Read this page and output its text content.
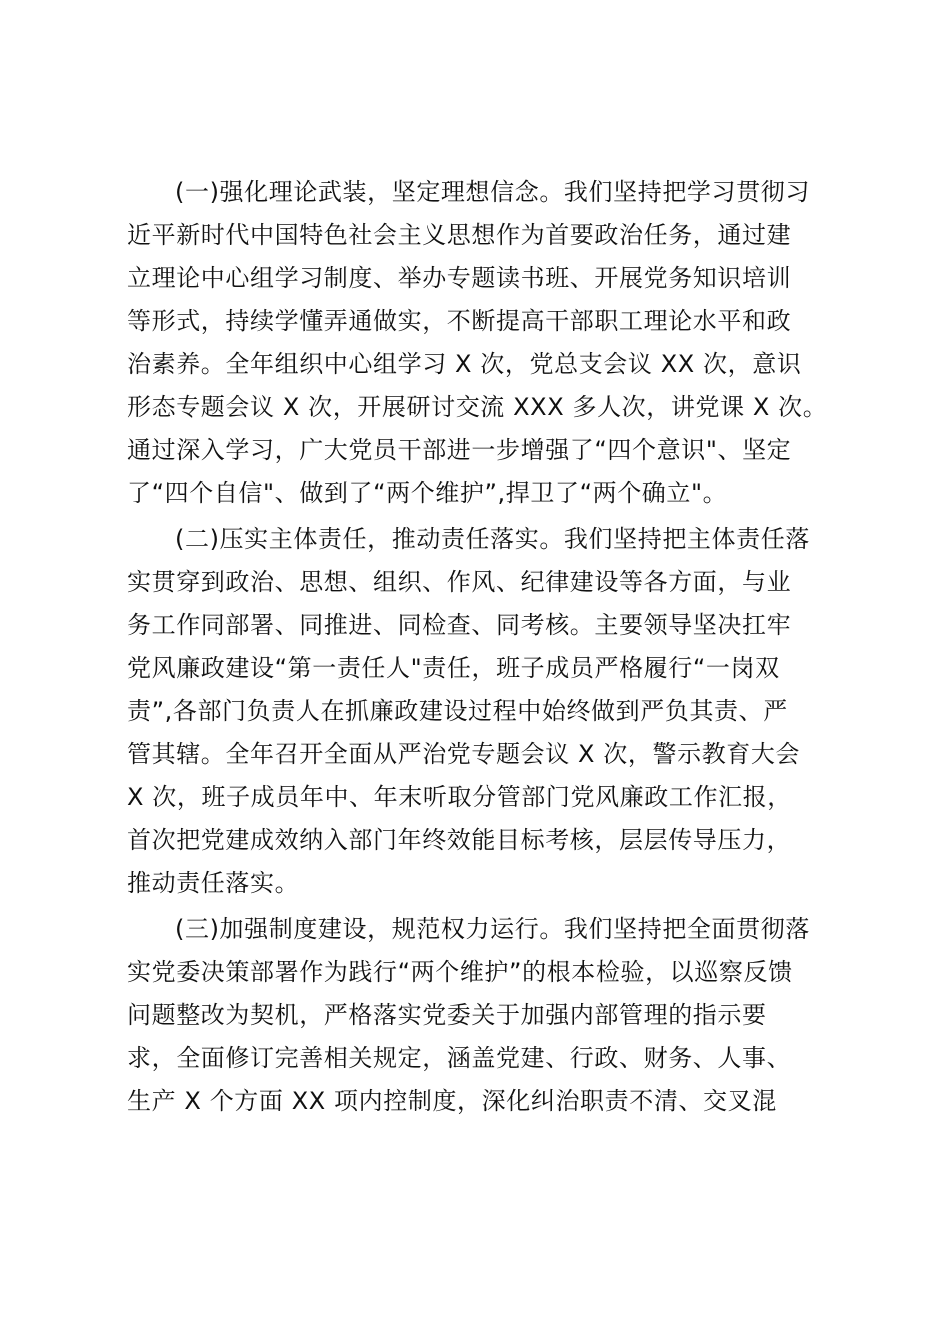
(一)强化理论武装，坚定理想信念。我们坚持把学习贯彻习
近平新时代中国特色社会主义思想作为首要政治任务，通过建
立理论中心组学习制度、举办专题读书班、开展党务知识培训
等形式，持续学懂弄通做实，不断提高干部职工理论水平和政
治素养。全年组织中心组学习 X 次，党总支会议 XX 次，意识
形态专题会议 X 次，开展研讨交流 XXX 多人次，讲党课 X 次。
通过深入学习，广大党员干部进一步增强了“四个意识"、坚定
了“四个自信"、做到了“两个维护”,捍卫了“两个确立"。
(二)压实主体责任，推动责任落实。我们坚持把主体责任落
实贯穿到政治、思想、组织、作风、纪律建设等各方面，与业
务工作同部署、同推进、同检查、同考核。主要领导坚决扛牢
党风廉政建设“第一责任人"责任，班子成员严格履行“一岗双
责”,各部门负责人在抓廉政建设过程中始终做到严负其责、严
管其辖。全年召开全面从严治党专题会议 X 次，警示教育大会
X 次，班子成员年中、年末听取分管部门党风廉政工作汇报，
首次把党建成效纳入部门年终效能目标考核，层层传导压力，
推动责任落实。
(三)加强制度建设，规范权力运行。我们坚持把全面贯彻落
实党委决策部署作为践行“两个维护”的根本检验，以巡察反馈
问题整改为契机，严格落实党委关于加强内部管理的指示要
求，全面修订完善相关规定，涵盖党建、行政、财务、人事、
生产 X 个方面 XX 项内控制度，深化纠治职责不清、交叉混
